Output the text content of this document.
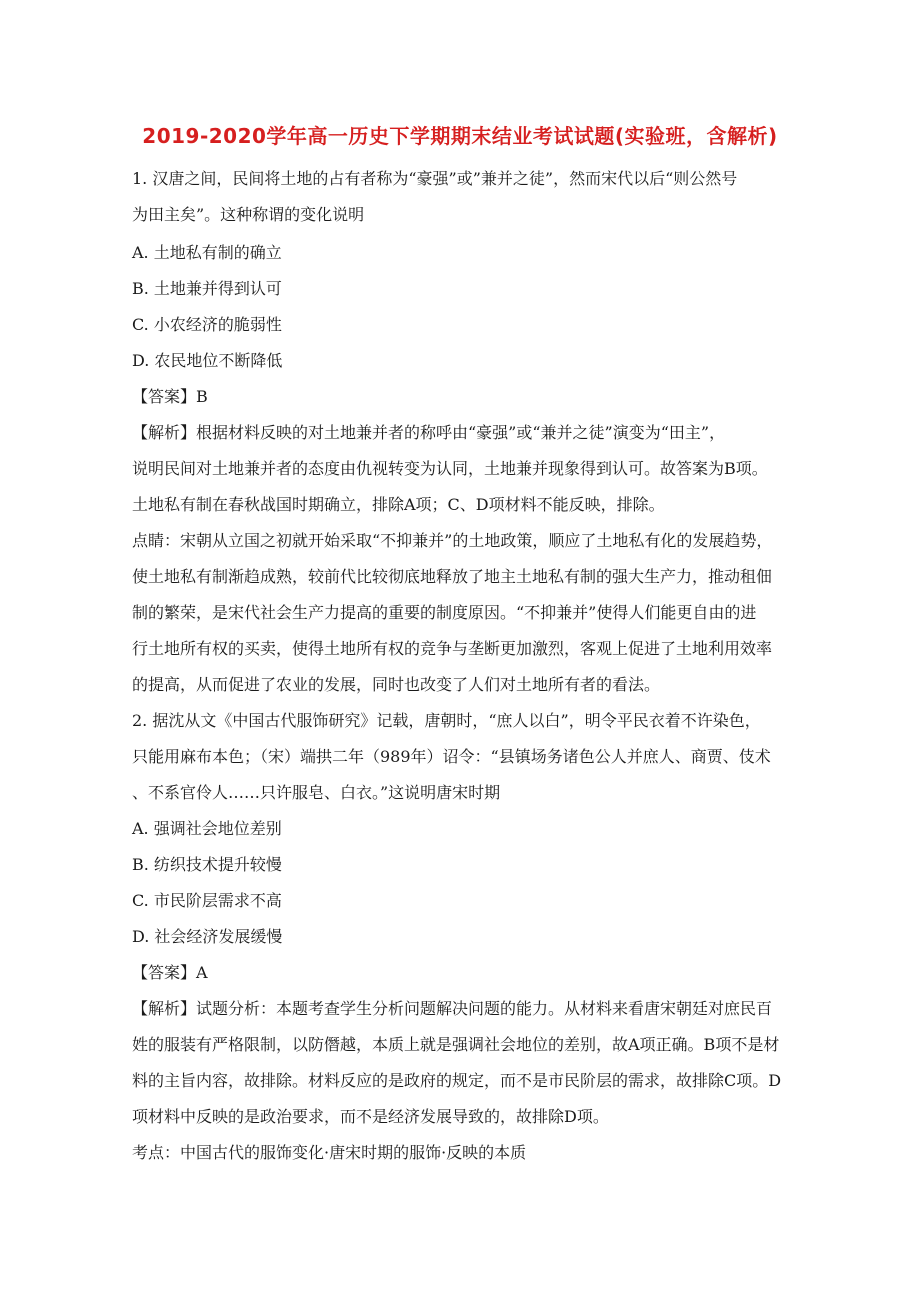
2019-2020学年高一历史下学期期末结业考试试题(实验班，含解析)
1. 汉唐之间，民间将土地的占有者称为“豪强”或”兼并之徒”，然而宋代以后“则公然号
为田主矣”。这种称谓的变化说明
A. 土地私有制的确立
B. 土地兼并得到认可
C. 小农经济的脆弱性
D. 农民地位不断降低
【答案】B
【解析】根据材料反映的对土地兼并者的称呼由“豪强”或“兼并之徒”演变为“田主”，
说明民间对土地兼并者的态度由仇视转变为认同，土地兼并现象得到认可。故答案为B项。
土地私有制在春秋战国时期确立，排除A项；C、D项材料不能反映，排除。
点睛：宋朝从立国之初就开始采取“不抑兼并”的土地政策，顺应了土地私有化的发展趋势，
使土地私有制渐趋成熟，较前代比较彻底地释放了地主土地私有制的强大生产力，推动租佃
制的繁荣，是宋代社会生产力提高的重要的制度原因。“不抑兼并”使得人们能更自由的进
行土地所有权的买卖，使得土地所有权的竞争与垄断更加激烈，客观上促进了土地利用效率
的提高，从而促进了农业的发展，同时也改变了人们对土地所有者的看法。
2. 据沈从文《中国古代服饰研究》记载，唐朝时，“庶人以白”，明令平民衣着不许染色，
只能用麻布本色；（宋）端拱二年（989年）诏令：“县镇场务诸色公人并庶人、商贾、伎术
、不系官伶人……只许服皂、白衣。”这说明唐宋时期
A. 强调社会地位差别
B. 纺织技术提升较慢
C. 市民阶层需求不高
D. 社会经济发展缓慢
【答案】A
【解析】试题分析：本题考查学生分析问题解决问题的能力。从材料来看唐宋朝廷对庶民百
姓的服装有严格限制，以防僭越，本质上就是强调社会地位的差别，故A项正确。B项不是材
料的主旨内容，故排除。材料反应的是政府的规定，而不是市民阶层的需求，故排除C项。D
项材料中反映的是政治要求，而不是经济发展导致的，故排除D项。
考点：中国古代的服饰变化·唐宋时期的服饰·反映的本质
